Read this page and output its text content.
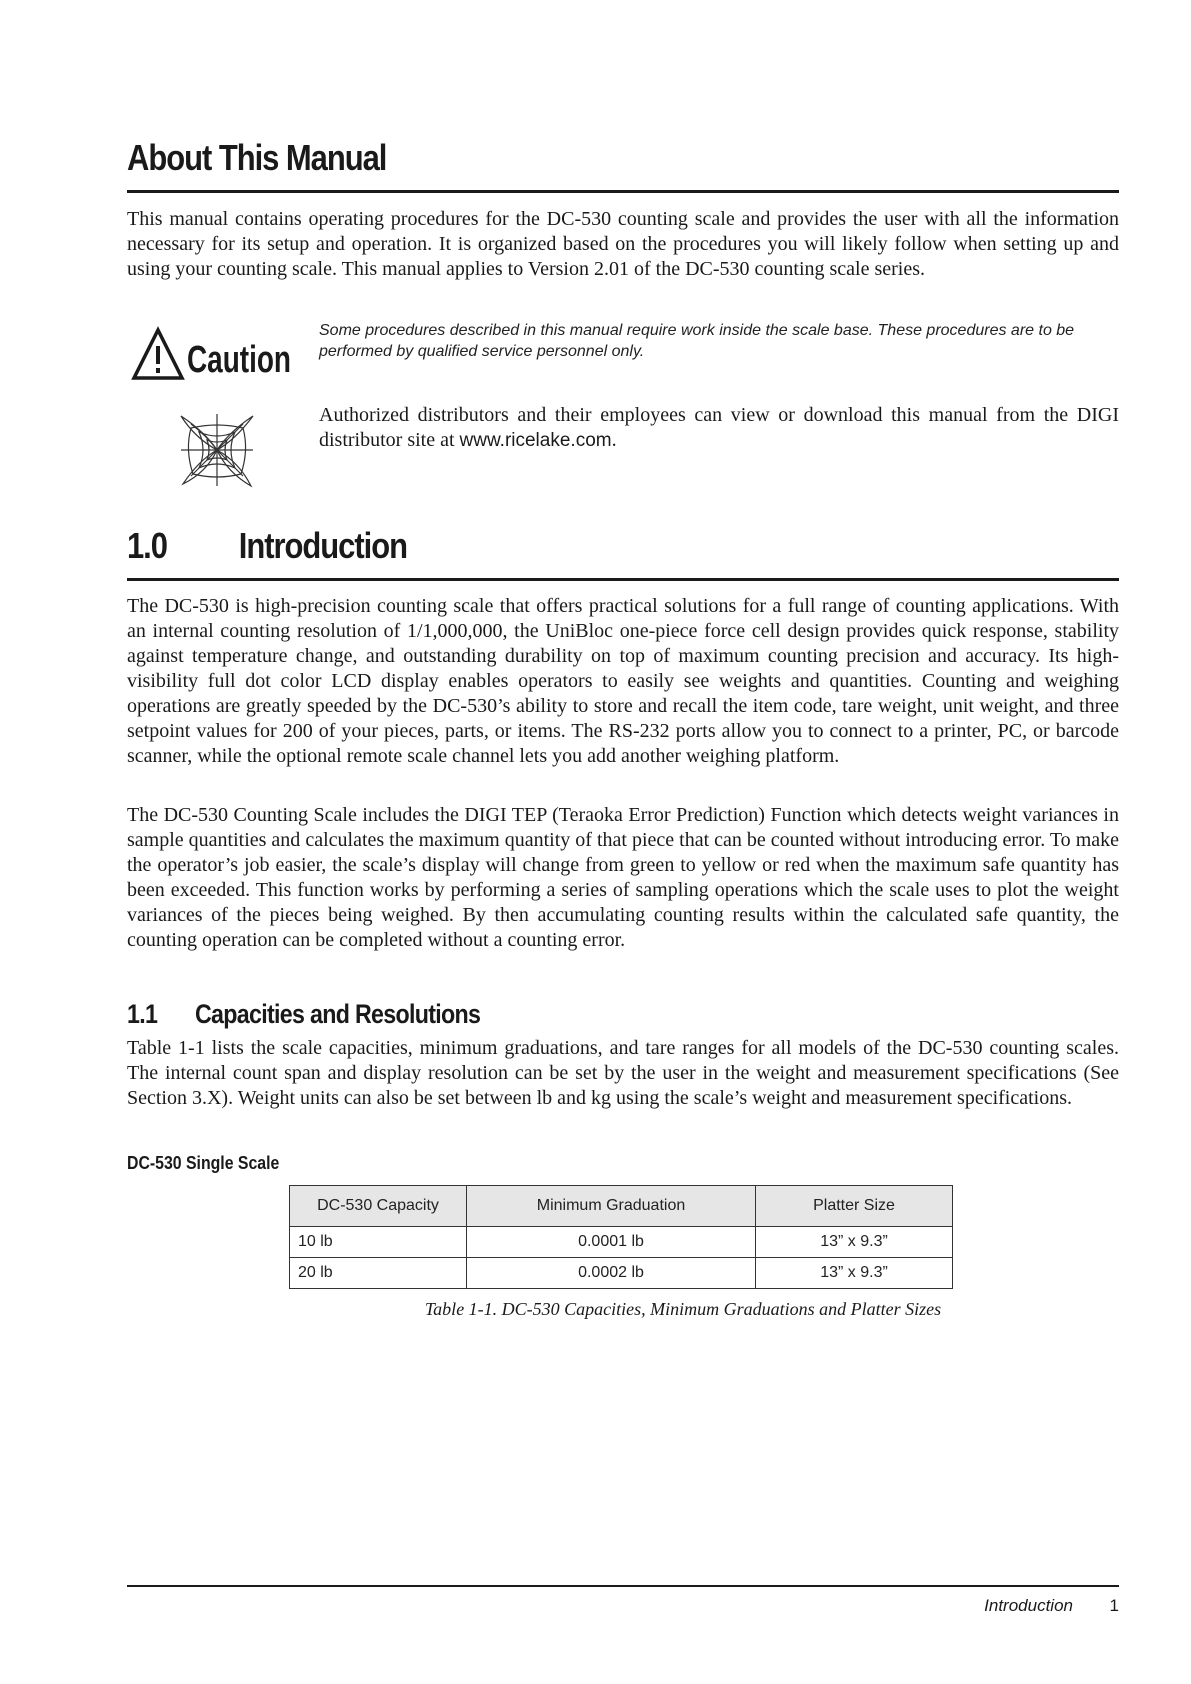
About This Manual

This manual contains operating procedures for the DC-530 counting scale and provides the user with all the information necessary for its setup and operation. It is organized based on the procedures you will likely follow when setting up and using your counting scale. This manual applies to Version 2.01 of the DC-530 counting scale series.

Caution

Some procedures described in this manual require work inside the scale base. These procedures are to be performed by qualified service personnel only.

Authorized distributors and their employees can view or download this manual from the DIGI distributor site at www.ricelake.com.

1.0 Introduction

The DC-530 is high-precision counting scale that offers practical solutions for a full range of counting applications. With an internal counting resolution of 1/1,000,000, the UniBloc one-piece force cell design provides quick response, stability against temperature change, and outstanding durability on top of maximum counting precision and accuracy. Its high-visibility full dot color LCD display enables operators to easily see weights and quantities. Counting and weighing operations are greatly speeded by the DC-530’s ability to store and recall the item code, tare weight, unit weight, and three setpoint values for 200 of your pieces, parts, or items. The RS-232 ports allow you to connect to a printer, PC, or barcode scanner, while the optional remote scale channel lets you add another weighing platform.

The DC-530 Counting Scale includes the DIGI TEP (Teraoka Error Prediction) Function which detects weight variances in sample quantities and calculates the maximum quantity of that piece that can be counted without introducing error. To make the operator’s job easier, the scale’s display will change from green to yellow or red when the maximum safe quantity has been exceeded. This function works by performing a series of sampling operations which the scale uses to plot the weight variances of the pieces being weighed. By then accumulating counting results within the calculated safe quantity, the counting operation can be completed without a counting error.

1.1 Capacities and Resolutions

Table 1-1 lists the scale capacities, minimum graduations, and tare ranges for all models of the DC-530 counting scales. The internal count span and display resolution can be set by the user in the weight and measurement specifications (See Section 3.X). Weight units can also be set between lb and kg using the scale’s weight and measurement specifications.

DC-530 Single Scale
DC-530 Capacity	Minimum Graduation	Platter Size
10 lb	0.0001 lb	13” x 9.3”
20 lb	0.0002 lb	13” x 9.3”

Table 1-1. DC-530 Capacities, Minimum Graduations and Platter Sizes

Introduction	1
